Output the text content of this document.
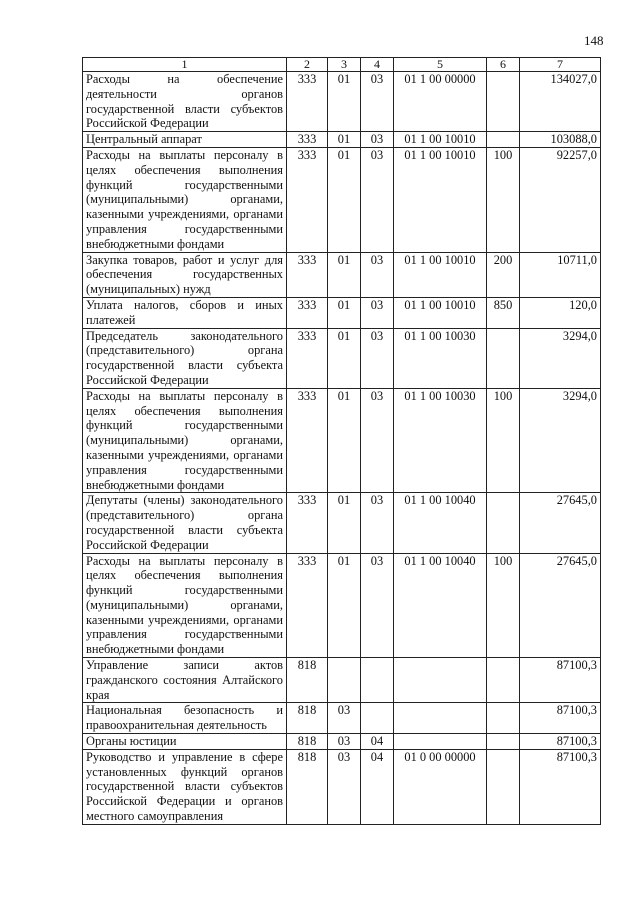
148
1	2	3	4	5	6	7
Расходы на обеспечение деятельности органов государственной власти субъектов Российской Федерации	333	01	03	01 1 00 00000		134027,0
Центральный аппарат	333	01	03	01 1 00 10010		103088,0
Расходы на выплаты персоналу в целях обеспечения выполнения функций государственными (муниципальными) органами, казенными учреждениями, органами управления государственными внебюджетными фондами	333	01	03	01 1 00 10010	100	92257,0
Закупка товаров, работ и услуг для обеспечения государственных (муниципальных) нужд	333	01	03	01 1 00 10010	200	10711,0
Уплата налогов, сборов и иных платежей	333	01	03	01 1 00 10010	850	120,0
Председатель законодательного (представительного) органа государственной власти субъекта Российской Федерации	333	01	03	01 1 00 10030		3294,0
Расходы на выплаты персоналу в целях обеспечения выполнения функций государственными (муниципальными) органами, казенными учреждениями, органами управления государственными внебюджетными фондами	333	01	03	01 1 00 10030	100	3294,0
Депутаты (члены) законодательного (представительного) органа государственной власти субъекта Российской Федерации	333	01	03	01 1 00 10040		27645,0
Расходы на выплаты персоналу в целях обеспечения выполнения функций государственными (муниципальными) органами, казенными учреждениями, органами управления государственными внебюджетными фондами	333	01	03	01 1 00 10040	100	27645,0
Управление записи актов гражданского состояния Алтайского края	818					87100,3
Национальная безопасность и правоохранительная деятельность	818	03				87100,3
Органы юстиции	818	03	04			87100,3
Руководство и управление в сфере установленных функций органов государственной власти субъектов Российской Федерации и органов местного самоуправления	818	03	04	01 0 00 00000		87100,3
